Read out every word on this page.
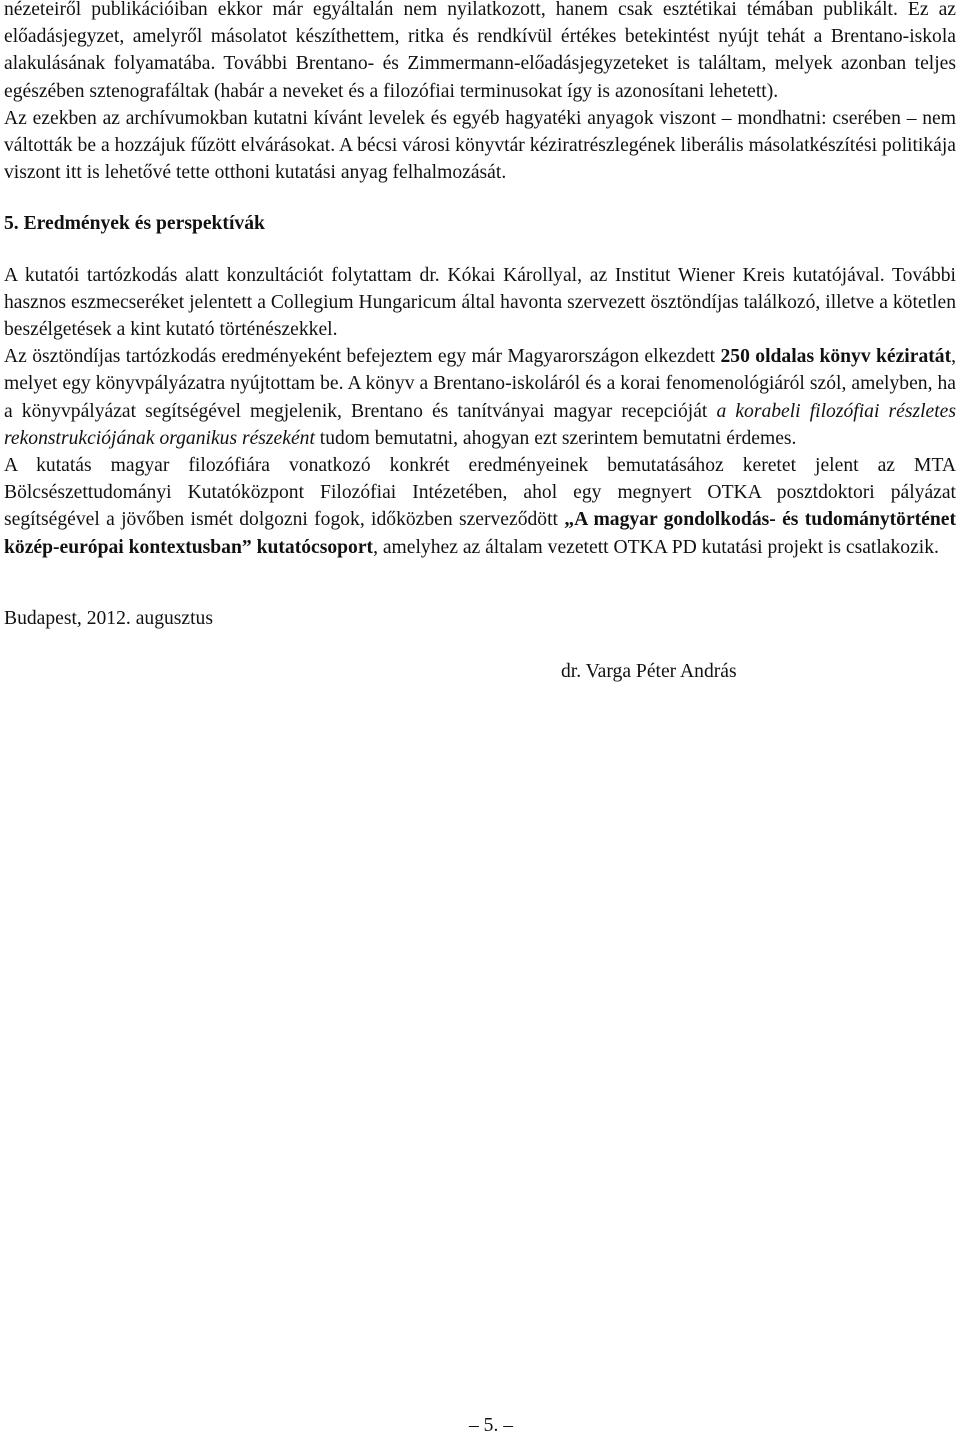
nézeteiről publikációiban ekkor már egyáltalán nem nyilatkozott, hanem csak esztétikai témában publikált. Ez az előadásjegyzet, amelyről másolatot készíthettem, ritka és rendkívül értékes betekintést nyújt tehát a Brentano-iskola alakulásának folyamatába. További Brentano- és Zimmermann-előadásjegyzeteket is találtam, melyek azonban teljes egészében sztenografáltak (habár a neveket és a filozófiai terminusokat így is azonosítani lehetett).

Az ezekben az archívumokban kutatni kívánt levelek és egyéb hagyatéki anyagok viszont – mondhatni: cserében – nem váltották be a hozzájuk fűzött elvárásokat. A bécsi városi könyvtár kéziratrészlegének liberális másolatkészítési politikája viszont itt is lehetővé tette otthoni kutatási anyag felhalmozását.

5. Eredmények és perspektívák

A kutatói tartózkodás alatt konzultációt folytattam dr. Kókai Károllyal, az Institut Wiener Kreis kutatójával. További hasznos eszmecseréket jelentett a Collegium Hungaricum által havonta szervezett ösztöndíjas találkozó, illetve a kötetlen beszélgetések a kint kutató történészekkel.

Az ösztöndíjas tartózkodás eredményeként befejeztem egy már Magyarországon elkezdett 250 oldalas könyv kéziratát, melyet egy könyvpályázatra nyújtottam be. A könyv a Brentano-iskoláról és a korai fenomenológiáról szól, amelyben, ha a könyvpályázat segítségével megjelenik, Brentano és tanítványai magyar recepcióját a korabeli filozófiai részletes rekonstrukciójának organikus részeként tudom bemutatni, ahogyan ezt szerintem bemutatni érdemes.

A kutatás magyar filozófiára vonatkozó konkrét eredményeinek bemutatásához keretet jelent az MTA Bölcsészettudományi Kutatóközpont Filozófiai Intézetében, ahol egy megnyert OTKA posztdoktori pályázat segítségével a jövőben ismét dolgozni fogok, időközben szerveződött „A magyar gondolkodás- és tudománytörténet közép-európai kontextusban” kutatócsoport, amelyhez az általam vezetett OTKA PD kutatási projekt is csatlakozik.

Budapest, 2012. augusztus

dr. Varga Péter András

– 5. –
